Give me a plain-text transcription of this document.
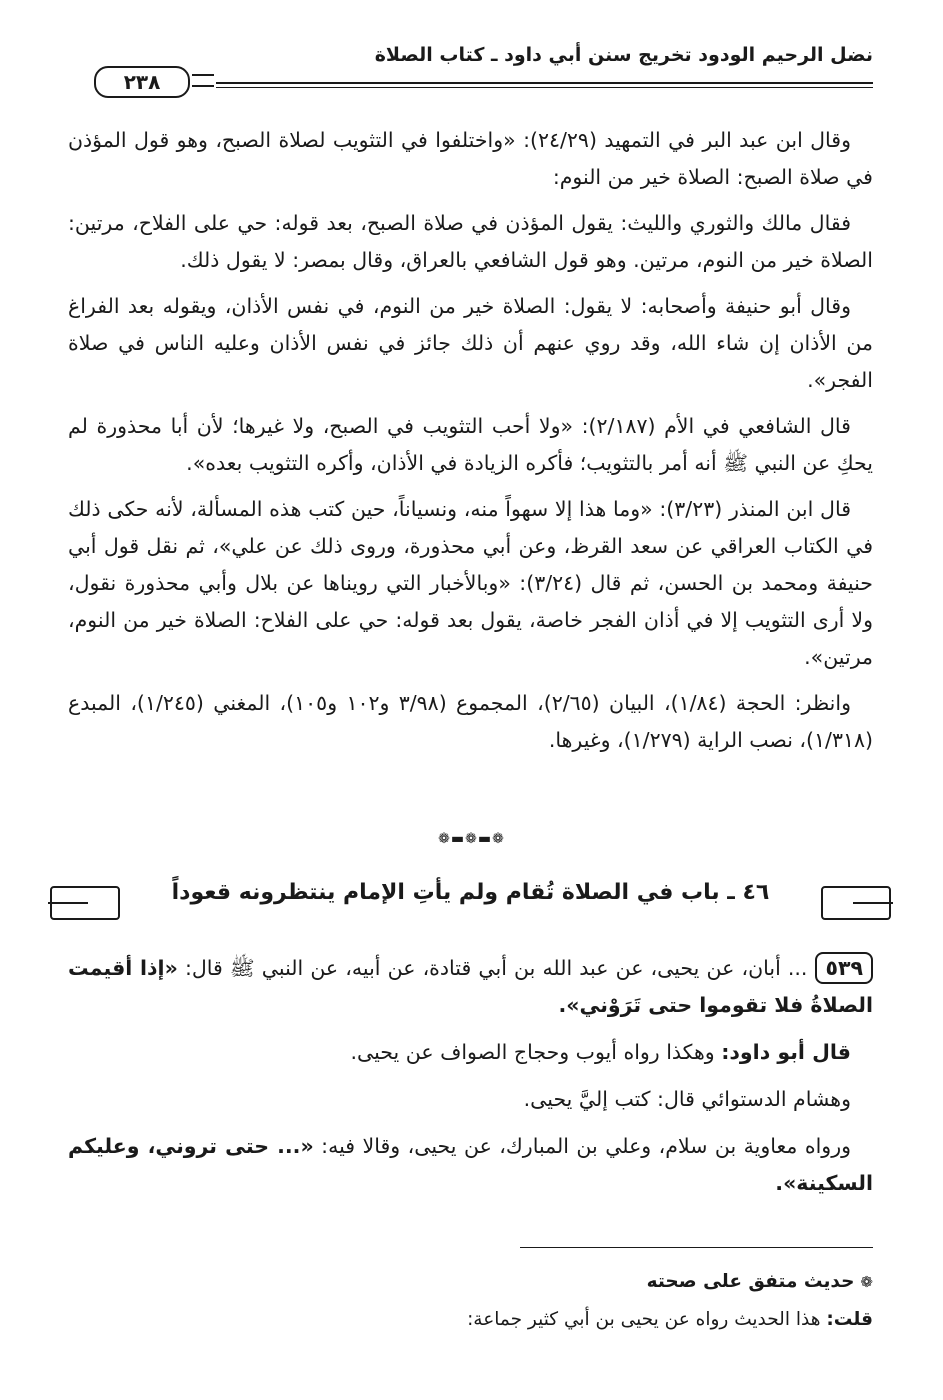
نضل الرحيم الودود تخريج سنن أبي داود ـ كتاب الصلاة
٢٣٨

وقال ابن عبد البر في التمهيد (٢٤/٢٩): «واختلفوا في التثويب لصلاة الصبح، وهو قول المؤذن في صلاة الصبح: الصلاة خير من النوم:

فقال مالك والثوري والليث: يقول المؤذن في صلاة الصبح، بعد قوله: حي على الفلاح، مرتين: الصلاة خير من النوم، مرتين. وهو قول الشافعي بالعراق، وقال بمصر: لا يقول ذلك.

وقال أبو حنيفة وأصحابه: لا يقول: الصلاة خير من النوم، في نفس الأذان، ويقوله بعد الفراغ من الأذان إن شاء الله، وقد روي عنهم أن ذلك جائز في نفس الأذان وعليه الناس في صلاة الفجر».

قال الشافعي في الأم (٢/١٨٧): «ولا أحب التثويب في الصبح، ولا غيرها؛ لأن أبا محذورة لم يحكِ عن النبي ﷺ أنه أمر بالتثويب؛ فأكره الزيادة في الأذان، وأكره التثويب بعده».

قال ابن المنذر (٣/٢٣): «وما هذا إلا سهواً منه، ونسياناً، حين كتب هذه المسألة، لأنه حكى ذلك في الكتاب العراقي عن سعد القرظ، وعن أبي محذورة، وروى ذلك عن علي»، ثم نقل قول أبي حنيفة ومحمد بن الحسن، ثم قال (٣/٢٤): «وبالأخبار التي رويناها عن بلال وأبي محذورة نقول، ولا أرى التثويب إلا في أذان الفجر خاصة، يقول بعد قوله: حي على الفلاح: الصلاة خير من النوم، مرتين».

وانظر: الحجة (١/٨٤)، البيان (٢/٦٥)، المجموع (٣/٩٨ و١٠٢ و١٠٥)، المغني (١/٢٤٥)، المبدع (١/٣١٨)، نصب الراية (١/٢٧٩)، وغيرها.

❁▬❁▬❁
٤٦ ـ باب في الصلاة تُقام ولم يأتِ الإمام ينتظرونه قعوداً

٥٣٩... أبان، عن يحيى، عن عبد الله بن أبي قتادة، عن أبيه، عن النبي ﷺ قال: «إذا أقيمت الصلاةُ فلا تقوموا حتى تَرَوْني».

قال أبو داود: وهكذا رواه أيوب وحجاج الصواف عن يحيى.

وهشام الدستوائي قال: كتب إليَّ يحيى.

ورواه معاوية بن سلام، وعلي بن المبارك، عن يحيى، وقالا فيه: «... حتى تروني، وعليكم السكينة».

❁حديث متفق على صحته

قلت: هذا الحديث رواه عن يحيى بن أبي كثير جماعة:
